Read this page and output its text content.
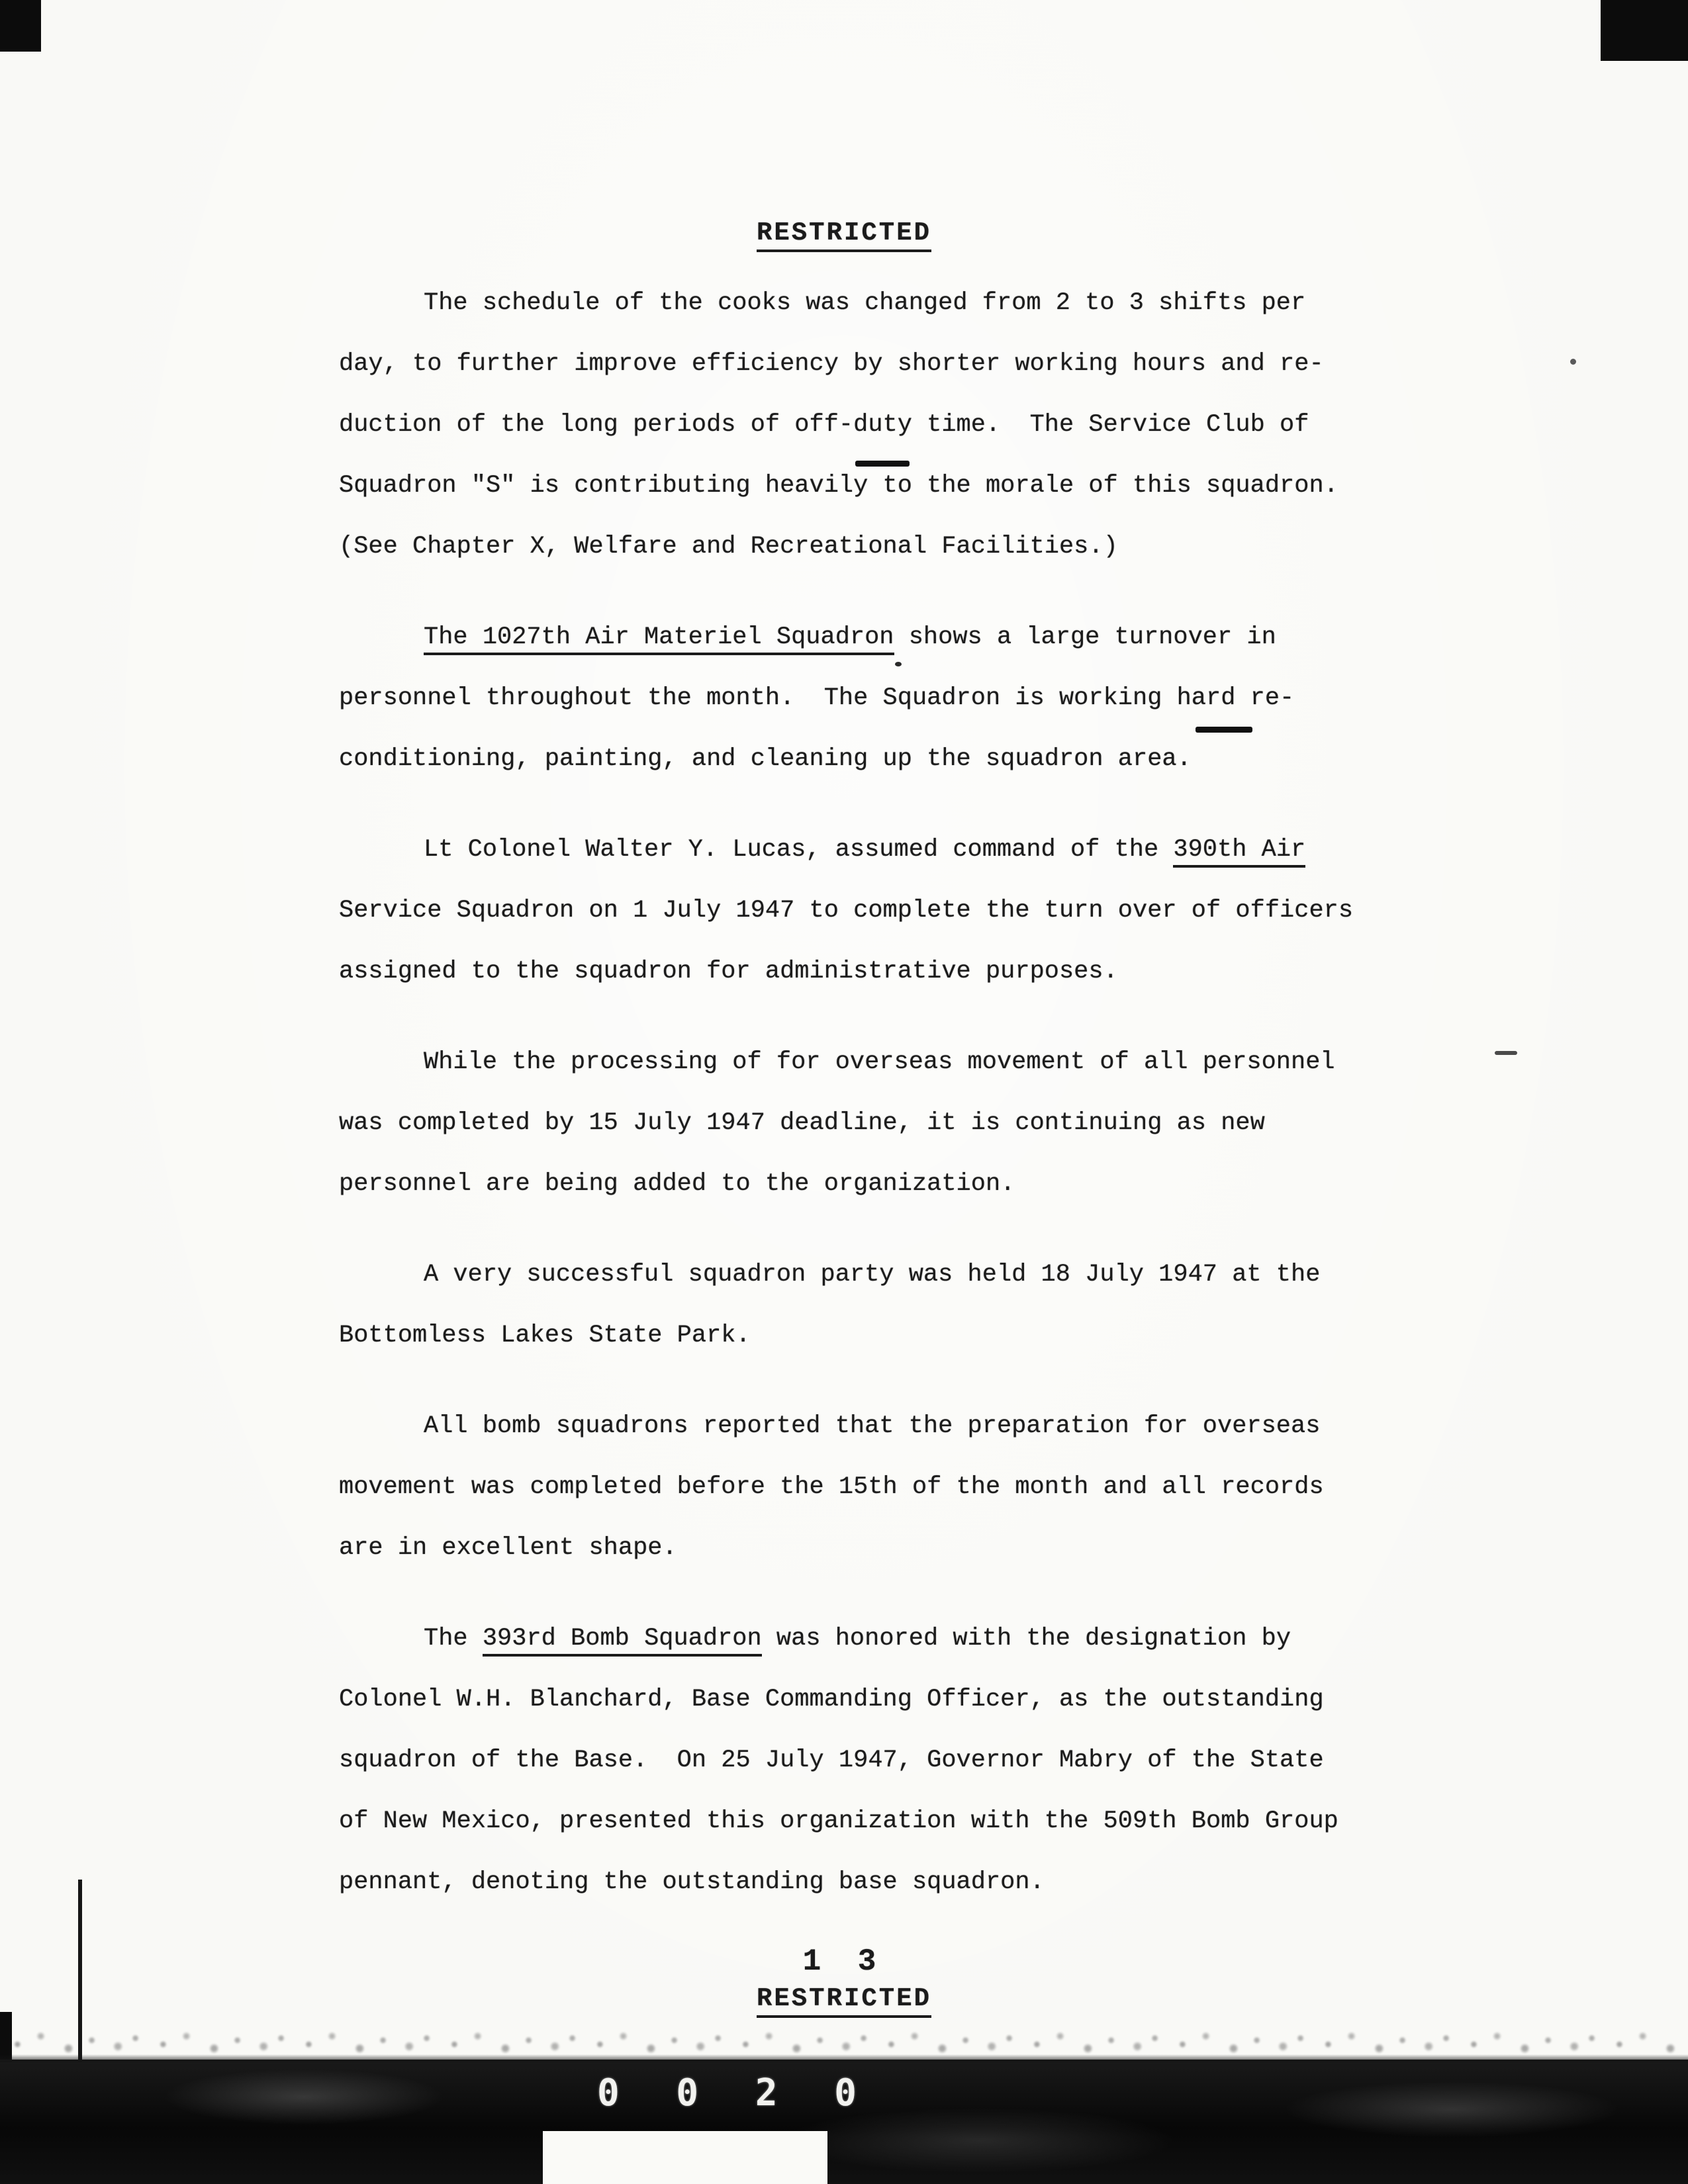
RESTRICTED
The schedule of the cooks was changed from 2 to 3 shifts per
day, to further improve efficiency by shorter working hours and re-
duction of the long periods of off-duty time.  The Service Club of
Squadron "S" is contributing heavily to the morale of this squadron.
(See Chapter X, Welfare and Recreational Facilities.)
The 1027th Air Materiel Squadron shows a large turnover in
personnel throughout the month.  The Squadron is working hard re-
conditioning, painting, and cleaning up the squadron area.
Lt Colonel Walter Y. Lucas, assumed command of the 390th Air
Service Squadron on 1 July 1947 to complete the turn over of officers
assigned to the squadron for administrative purposes.
While the processing of for overseas movement of all personnel
was completed by 15 July 1947 deadline, it is continuing as new
personnel are being added to the organization.
A very successful squadron party was held 18 July 1947 at the
Bottomless Lakes State Park.
All bomb squadrons reported that the preparation for overseas
movement was completed before the 15th of the month and all records
are in excellent shape.
The 393rd Bomb Squadron was honored with the designation by
Colonel W.H. Blanchard, Base Commanding Officer, as the outstanding
squadron of the Base.  On 25 July 1947, Governor Mabry of the State
of New Mexico, presented this organization with the 509th Bomb Group
pennant, denoting the outstanding base squadron.
1 3
RESTRICTED
0 0 2 0
